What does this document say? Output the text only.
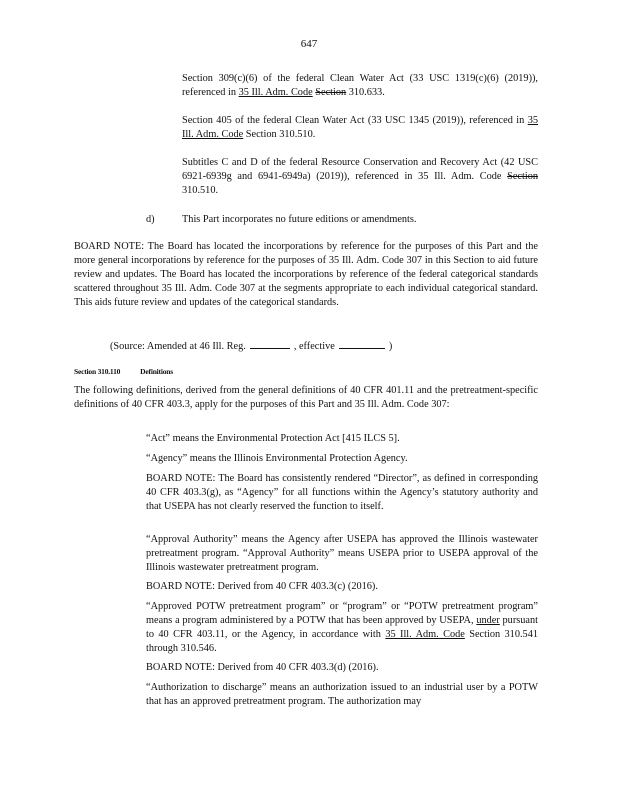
647

Section 309(c)(6) of the federal Clean Water Act (33 USC 1319(c)(6) (2019)), referenced in 35 Ill. Adm. Code Section 310.633.

Section 405 of the federal Clean Water Act (33 USC 1345 (2019)), referenced in 35 Ill. Adm. Code Section 310.510.

Subtitles C and D of the federal Resource Conservation and Recovery Act (42 USC 6921-6939g and 6941-6949a) (2019)), referenced in 35 Ill. Adm. Code Section 310.510.

d)	This Part incorporates no future editions or amendments.

BOARD NOTE: The Board has located the incorporations by reference for the purposes of this Part and the more general incorporations by reference for the purposes of 35 Ill. Adm. Code 307 in this Section to aid future review and updates. The Board has located the incorporations by reference of the federal categorical standards scattered throughout 35 Ill. Adm. Code 307 at the segments appropriate to each individual categorical standard. This aids future review and updates of the categorical standards.

(Source: Amended at 46 Ill. Reg.	, effective	)
Section 310.110	Definitions

The following definitions, derived from the general definitions of 40 CFR 401.11 and the pretreatment-specific definitions of 40 CFR 403.3, apply for the purposes of this Part and 35 Ill. Adm. Code 307:

“Act” means the Environmental Protection Act [415 ILCS 5].

“Agency” means the Illinois Environmental Protection Agency.

BOARD NOTE: The Board has consistently rendered “Director”, as defined in corresponding 40 CFR 403.3(g), as “Agency” for all functions within the Agency’s statutory authority and that USEPA has not clearly reserved the function to itself.

“Approval Authority” means the Agency after USEPA has approved the Illinois wastewater pretreatment program. “Approval Authority” means USEPA prior to USEPA approval of the Illinois wastewater pretreatment program.

BOARD NOTE: Derived from 40 CFR 403.3(c) (2016).

“Approved POTW pretreatment program” or “program” or “POTW pretreatment program” means a program administered by a POTW that has been approved by USEPA, under pursuant to 40 CFR 403.11, or the Agency, in accordance with 35 Ill. Adm. Code Section 310.541 through 310.546.

BOARD NOTE: Derived from 40 CFR 403.3(d) (2016).

“Authorization to discharge” means an authorization issued to an industrial user by a POTW that has an approved pretreatment program. The authorization may
